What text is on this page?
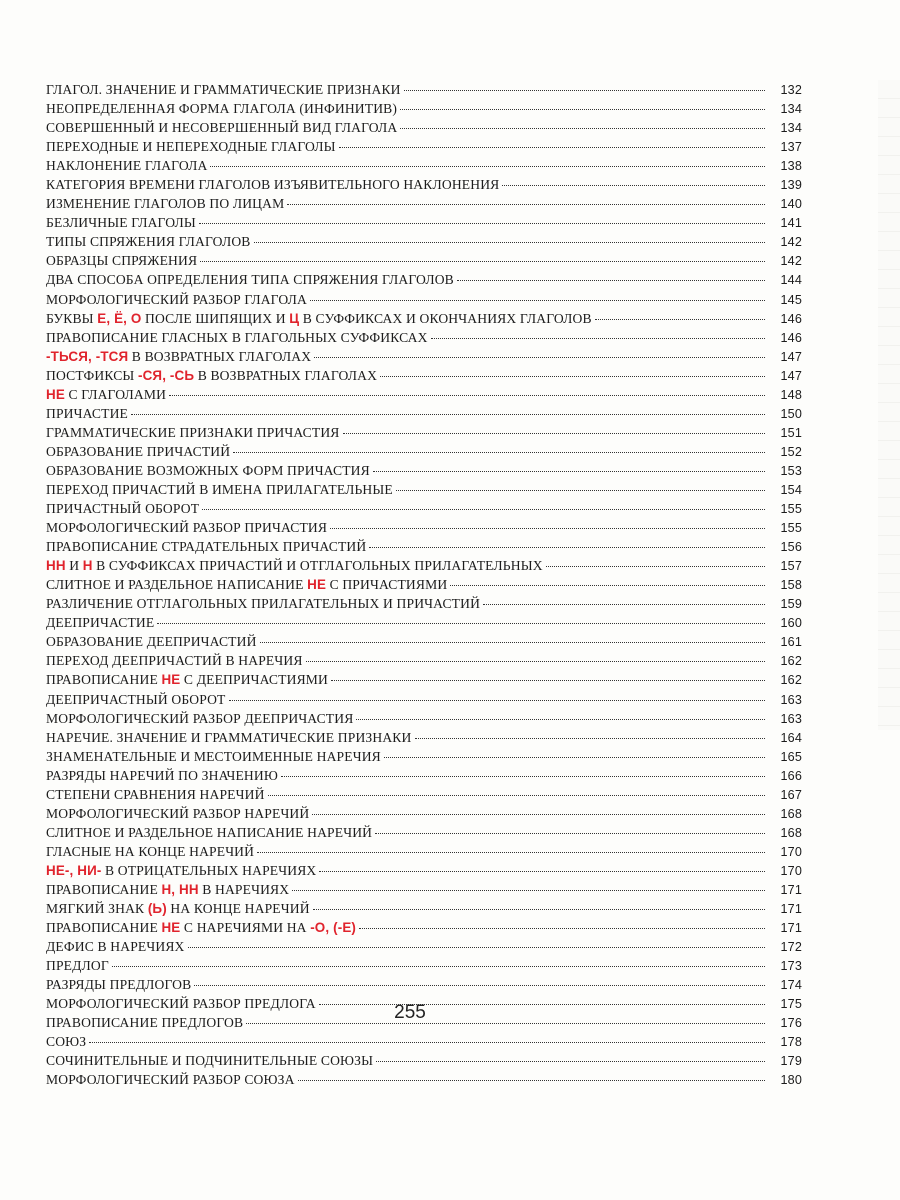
ГЛАГОЛ. ЗНАЧЕНИЕ И ГРАММАТИЧЕСКИЕ ПРИЗНАКИ	132
НЕОПРЕДЕЛЕННАЯ ФОРМА ГЛАГОЛА (ИНФИНИТИВ)	134
СОВЕРШЕННЫЙ И НЕСОВЕРШЕННЫЙ ВИД ГЛАГОЛА	134
ПЕРЕХОДНЫЕ И НЕПЕРЕХОДНЫЕ ГЛАГОЛЫ	137
НАКЛОНЕНИЕ ГЛАГОЛА	138
КАТЕГОРИЯ ВРЕМЕНИ ГЛАГОЛОВ ИЗЪЯВИТЕЛЬНОГО НАКЛОНЕНИЯ	139
ИЗМЕНЕНИЕ ГЛАГОЛОВ ПО ЛИЦАМ	140
БЕЗЛИЧНЫЕ ГЛАГОЛЫ	141
ТИПЫ СПРЯЖЕНИЯ ГЛАГОЛОВ	142
ОБРАЗЦЫ СПРЯЖЕНИЯ	142
ДВА СПОСОБА ОПРЕДЕЛЕНИЯ ТИПА СПРЯЖЕНИЯ ГЛАГОЛОВ	144
МОРФОЛОГИЧЕСКИЙ РАЗБОР ГЛАГОЛА	145
БУКВЫ Е, Ё, О ПОСЛЕ ШИПЯЩИХ И Ц В СУФФИКСАХ И ОКОНЧАНИЯХ ГЛАГОЛОВ	146
ПРАВОПИСАНИЕ ГЛАСНЫХ В ГЛАГОЛЬНЫХ СУФФИКСАХ	146
-ТЬСЯ, -ТСЯ В ВОЗВРАТНЫХ ГЛАГОЛАХ	147
ПОСТФИКСЫ -СЯ, -СЬ В ВОЗВРАТНЫХ ГЛАГОЛАХ	147
НЕ С ГЛАГОЛАМИ	148
ПРИЧАСТИЕ	150
ГРАММАТИЧЕСКИЕ ПРИЗНАКИ ПРИЧАСТИЯ	151
ОБРАЗОВАНИЕ ПРИЧАСТИЙ	152
ОБРАЗОВАНИЕ ВОЗМОЖНЫХ ФОРМ ПРИЧАСТИЯ	153
ПЕРЕХОД ПРИЧАСТИЙ В ИМЕНА ПРИЛАГАТЕЛЬНЫЕ	154
ПРИЧАСТНЫЙ ОБОРОТ	155
МОРФОЛОГИЧЕСКИЙ РАЗБОР ПРИЧАСТИЯ	155
ПРАВОПИСАНИЕ СТРАДАТЕЛЬНЫХ ПРИЧАСТИЙ	156
НН И Н В СУФФИКСАХ ПРИЧАСТИЙ И ОТГЛАГОЛЬНЫХ ПРИЛАГАТЕЛЬНЫХ	157
СЛИТНОЕ И РАЗДЕЛЬНОЕ НАПИСАНИЕ НЕ С ПРИЧАСТИЯМИ	158
РАЗЛИЧЕНИЕ ОТГЛАГОЛЬНЫХ ПРИЛАГАТЕЛЬНЫХ И ПРИЧАСТИЙ	159
ДЕЕПРИЧАСТИЕ	160
ОБРАЗОВАНИЕ ДЕЕПРИЧАСТИЙ	161
ПЕРЕХОД ДЕЕПРИЧАСТИЙ В НАРЕЧИЯ	162
ПРАВОПИСАНИЕ НЕ С ДЕЕПРИЧАСТИЯМИ	162
ДЕЕПРИЧАСТНЫЙ ОБОРОТ	163
МОРФОЛОГИЧЕСКИЙ РАЗБОР ДЕЕПРИЧАСТИЯ	163
НАРЕЧИЕ. ЗНАЧЕНИЕ И ГРАММАТИЧЕСКИЕ ПРИЗНАКИ	164
ЗНАМЕНАТЕЛЬНЫЕ И МЕСТОИМЕННЫЕ НАРЕЧИЯ	165
РАЗРЯДЫ НАРЕЧИЙ ПО ЗНАЧЕНИЮ	166
СТЕПЕНИ СРАВНЕНИЯ НАРЕЧИЙ	167
МОРФОЛОГИЧЕСКИЙ РАЗБОР НАРЕЧИЙ	168
СЛИТНОЕ И РАЗДЕЛЬНОЕ НАПИСАНИЕ НАРЕЧИЙ	168
ГЛАСНЫЕ НА КОНЦЕ НАРЕЧИЙ	170
НЕ-, НИ- В ОТРИЦАТЕЛЬНЫХ НАРЕЧИЯХ	170
ПРАВОПИСАНИЕ Н, НН В НАРЕЧИЯХ	171
МЯГКИЙ ЗНАК (Ь) НА КОНЦЕ НАРЕЧИЙ	171
ПРАВОПИСАНИЕ НЕ С НАРЕЧИЯМИ НА -О, (-Е)	171
ДЕФИС В НАРЕЧИЯХ	172
ПРЕДЛОГ	173
РАЗРЯДЫ ПРЕДЛОГОВ	174
МОРФОЛОГИЧЕСКИЙ РАЗБОР ПРЕДЛОГА	175
ПРАВОПИСАНИЕ ПРЕДЛОГОВ	176
СОЮЗ	178
СОЧИНИТЕЛЬНЫЕ И ПОДЧИНИТЕЛЬНЫЕ СОЮЗЫ	179
МОРФОЛОГИЧЕСКИЙ РАЗБОР СОЮЗА	180
255
